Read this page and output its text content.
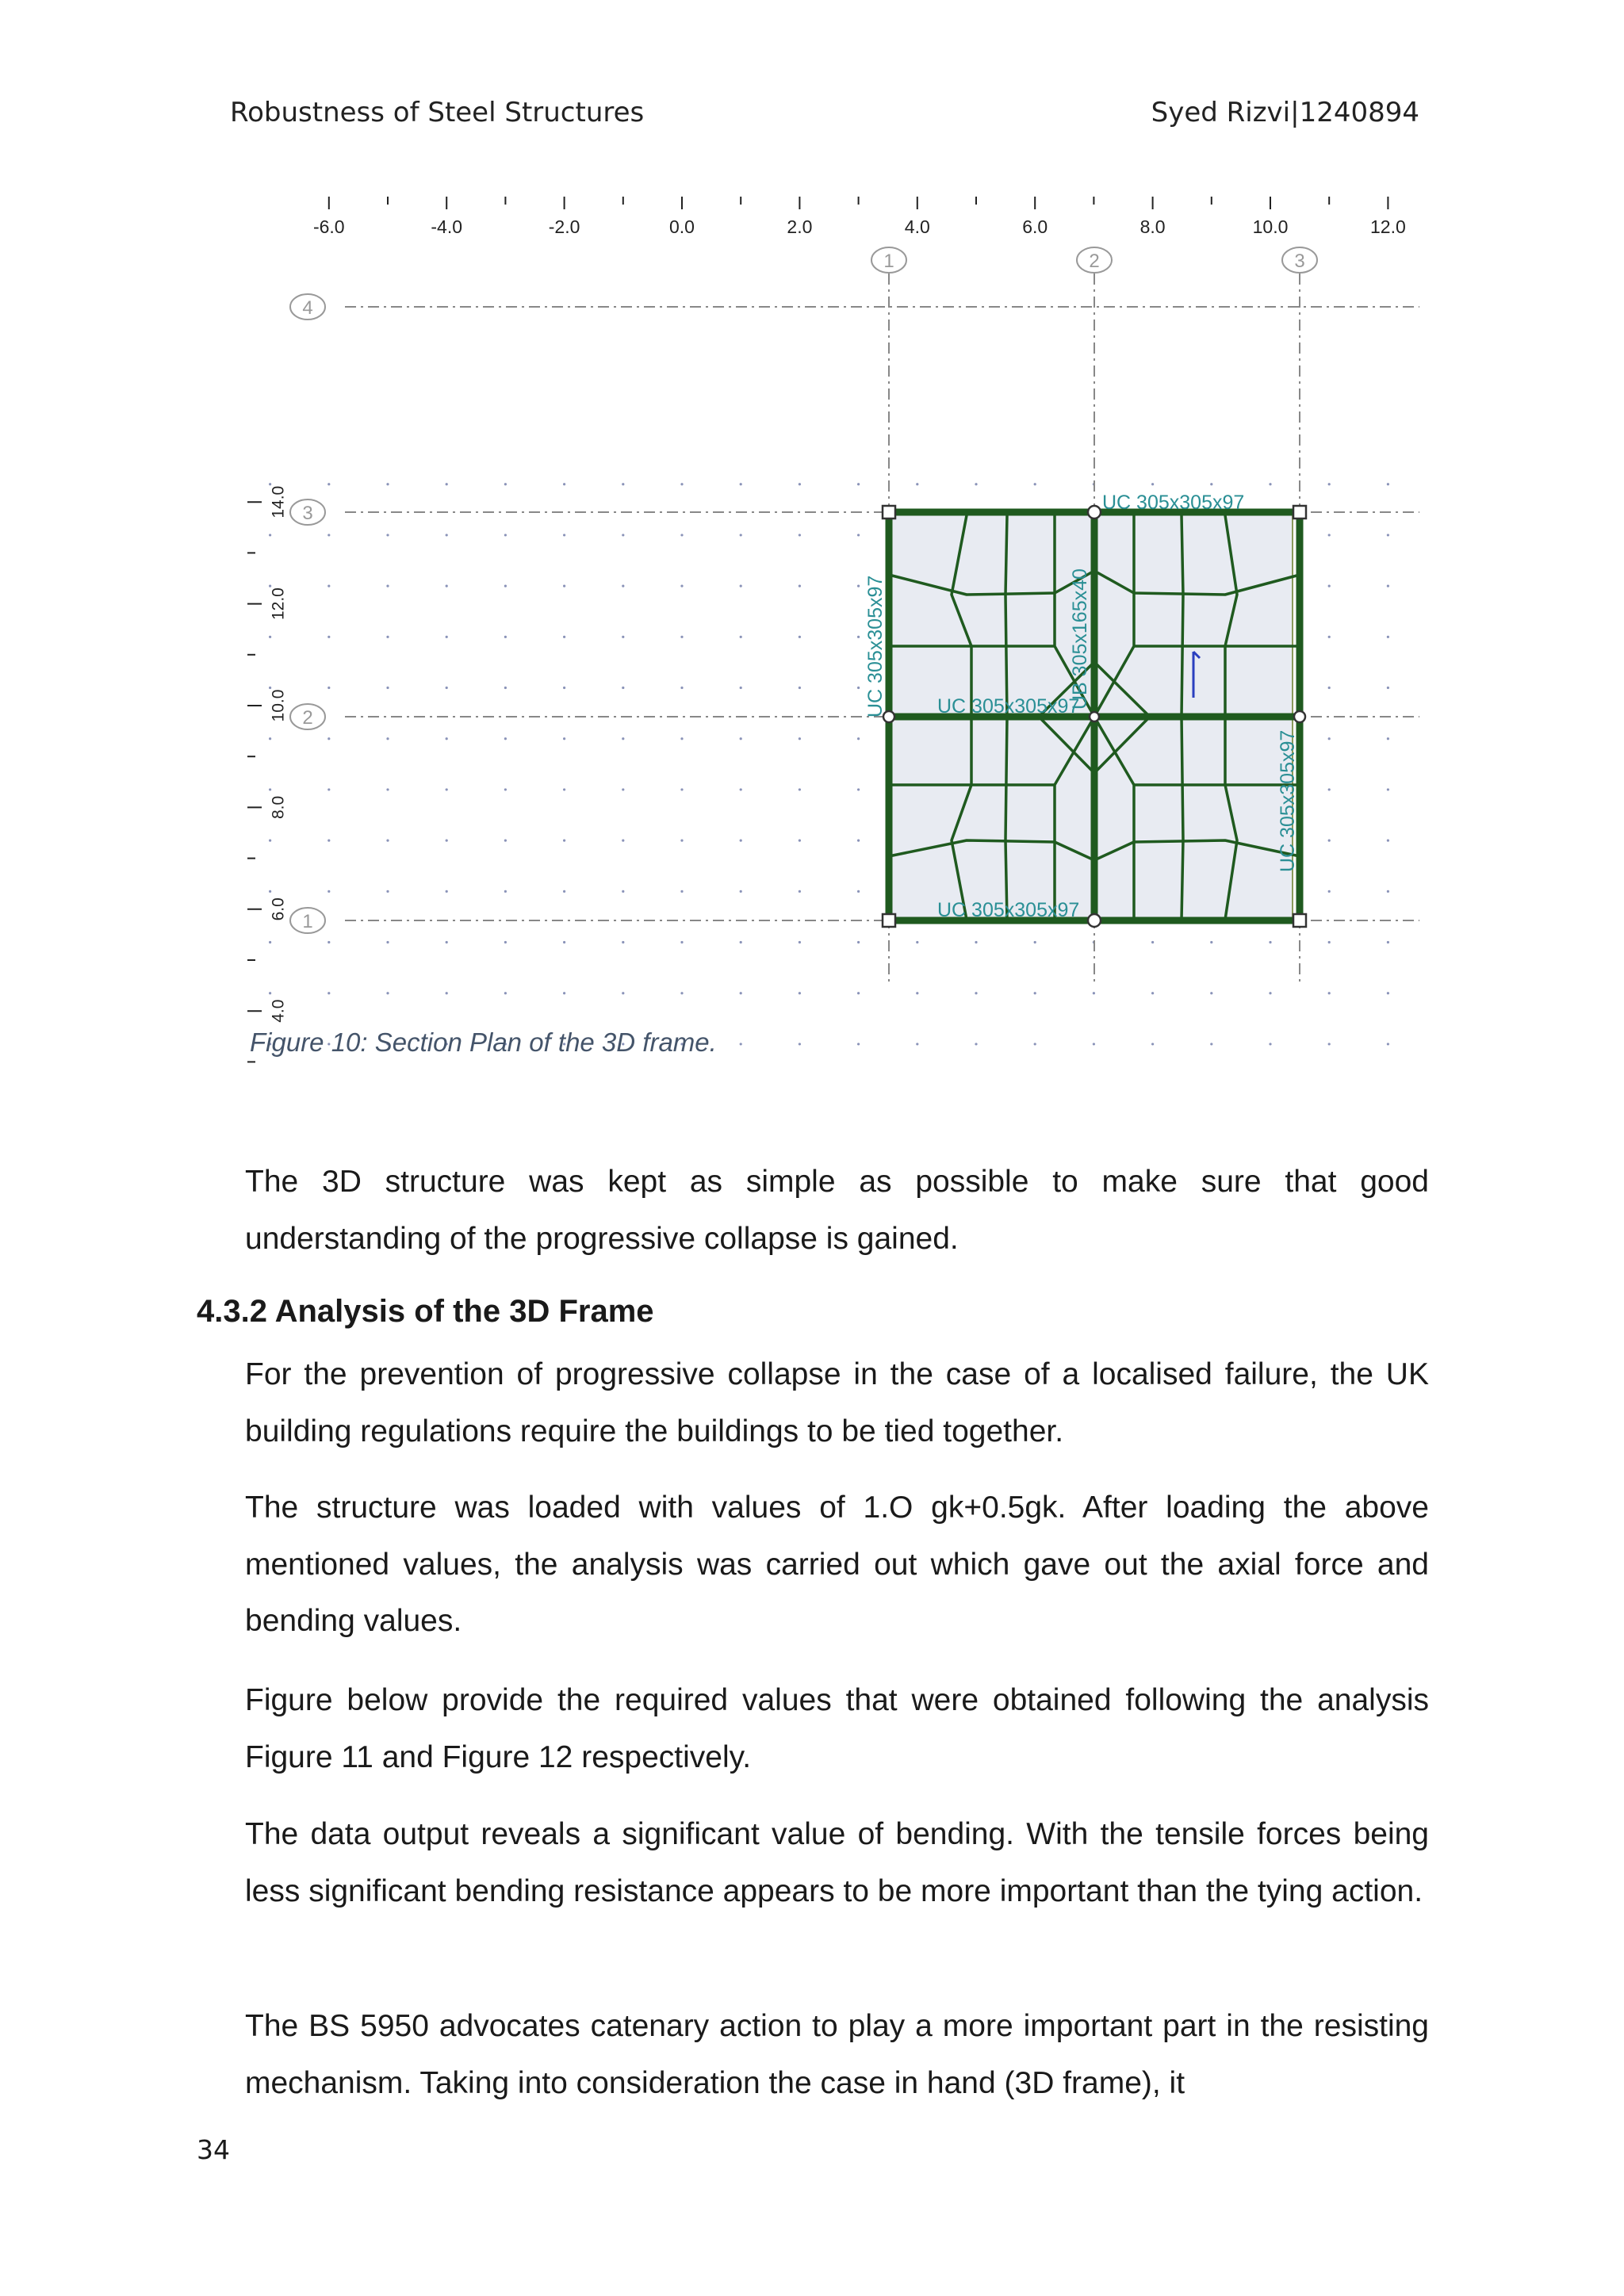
Robustness of Steel Structures	Syed Rizvi|1240894
-6.0	-4.0	-2.0	0.0	2.0	4.0	6.0	8.0	10.0	12.0
4.0
6.0
8.0
10.0
12.0
14.0	UC 305x305x97
UC 305x305x97
UC 305x305x97
UC 305x305x97	UB 305x165x40
UC 305x305x97
1	2	3
1
2
3
4
Figure 10: Section Plan of the 3D frame.

The 3D structure was kept as simple as possible to make sure that good understanding of the progressive collapse is gained.

4.3.2 Analysis of the 3D Frame

For the prevention of progressive collapse in the case of a localised failure, the UK building regulations require the buildings to be tied together.

The structure was loaded with values of 1.O gk+0.5gk. After loading the above mentioned values, the analysis was carried out which gave out the axial force and bending values.

Figure below provide the required values that were obtained following the analysis Figure 11 and Figure 12 respectively.

The data output reveals a significant value of bending. With the tensile forces being less significant bending resistance appears to be more important than the tying action.

The BS 5950 advocates catenary action to play a more important part in the resisting mechanism. Taking into consideration the case in hand (3D frame), it

34
